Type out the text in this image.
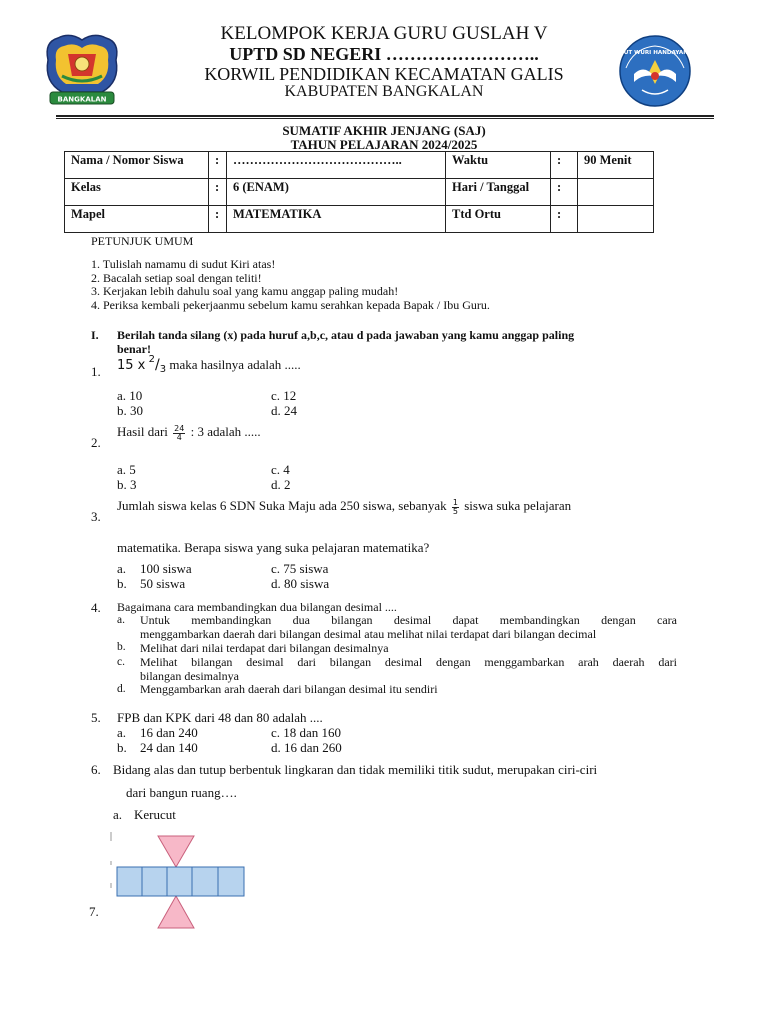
BANGKALAN
TUT WURI HANDAYANI
KELOMPOK KERJA GURU GUSLAH V
UPTD SD NEGERI ……………………..
KORWIL PENDIDIKAN KECAMATAN GALIS
KABUPATEN BANGKALAN
SUMATIF AKHIR JENJANG (SAJ)
TAHUN PELAJARAN 2024/2025
Nama / Nomor Siswa	:	…………………………………..	Waktu	:	90 Menit
Kelas	:	6 (ENAM)	Hari / Tanggal	:	
Mapel	:	MATEMATIKA	Ttd Ortu	:	
PETUNJUK UMUM
1. Tulislah namamu di sudut Kiri atas!
2. Bacalah setiap soal dengan teliti!
3. Kerjakan lebih dahulu soal yang kamu anggap paling mudah!
4. Periksa kembali pekerjaanmu sebelum kamu serahkan kepada Bapak / Ibu Guru.
I. Berilah tanda silang (x) pada huruf a,b,c, atau d pada jawaban yang kamu anggap paling
benar!
1. 15 x $^2/_3$ maka hasilnya adalah .....
a. 10
b. 30
c. 12
d. 24
2.
Hasil dari $\frac{24}{4}$ : 3 adalah .....
a. 5
b. 3
c. 4
d. 2
3.
Jumlah siswa kelas 6 SDN Suka Maju ada 250 siswa, sebanyak $\frac{1}{5}$ siswa suka pelajaran
matematika. Berapa siswa yang suka pelajaran matematika?
a. 100 siswa
b. 50 siswa
c. 75 siswa
d. 80 siswa
4. Bagaimana cara membandingkan dua bilangan desimal ....
a. Untuk membandingkan dua bilangan desimal dapat membandingkan dengan cara
menggambarkan daerah dari bilangan desimal atau melihat nilai terdapat dari bilangan decimal
b. Melihat dari nilai terdapat dari bilangan desimalnya
c. Melihat bilangan desimal dari bilangan desimal dengan menggambarkan arah daerah dari
bilangan desimalnya
d. Menggambarkan arah daerah dari bilangan desimal itu sendiri
5. FPB dan KPK dari 48 dan 80 adalah ....
a. 16 dan 240
b. 24 dan 140
c. 18 dan 160
d. 16 dan 260
6. Bidang alas dan tutup berbentuk lingkaran dan tidak memiliki titik sudut, merupakan ciri-ciri
dari bangun ruang….
a. Kerucut
7.
